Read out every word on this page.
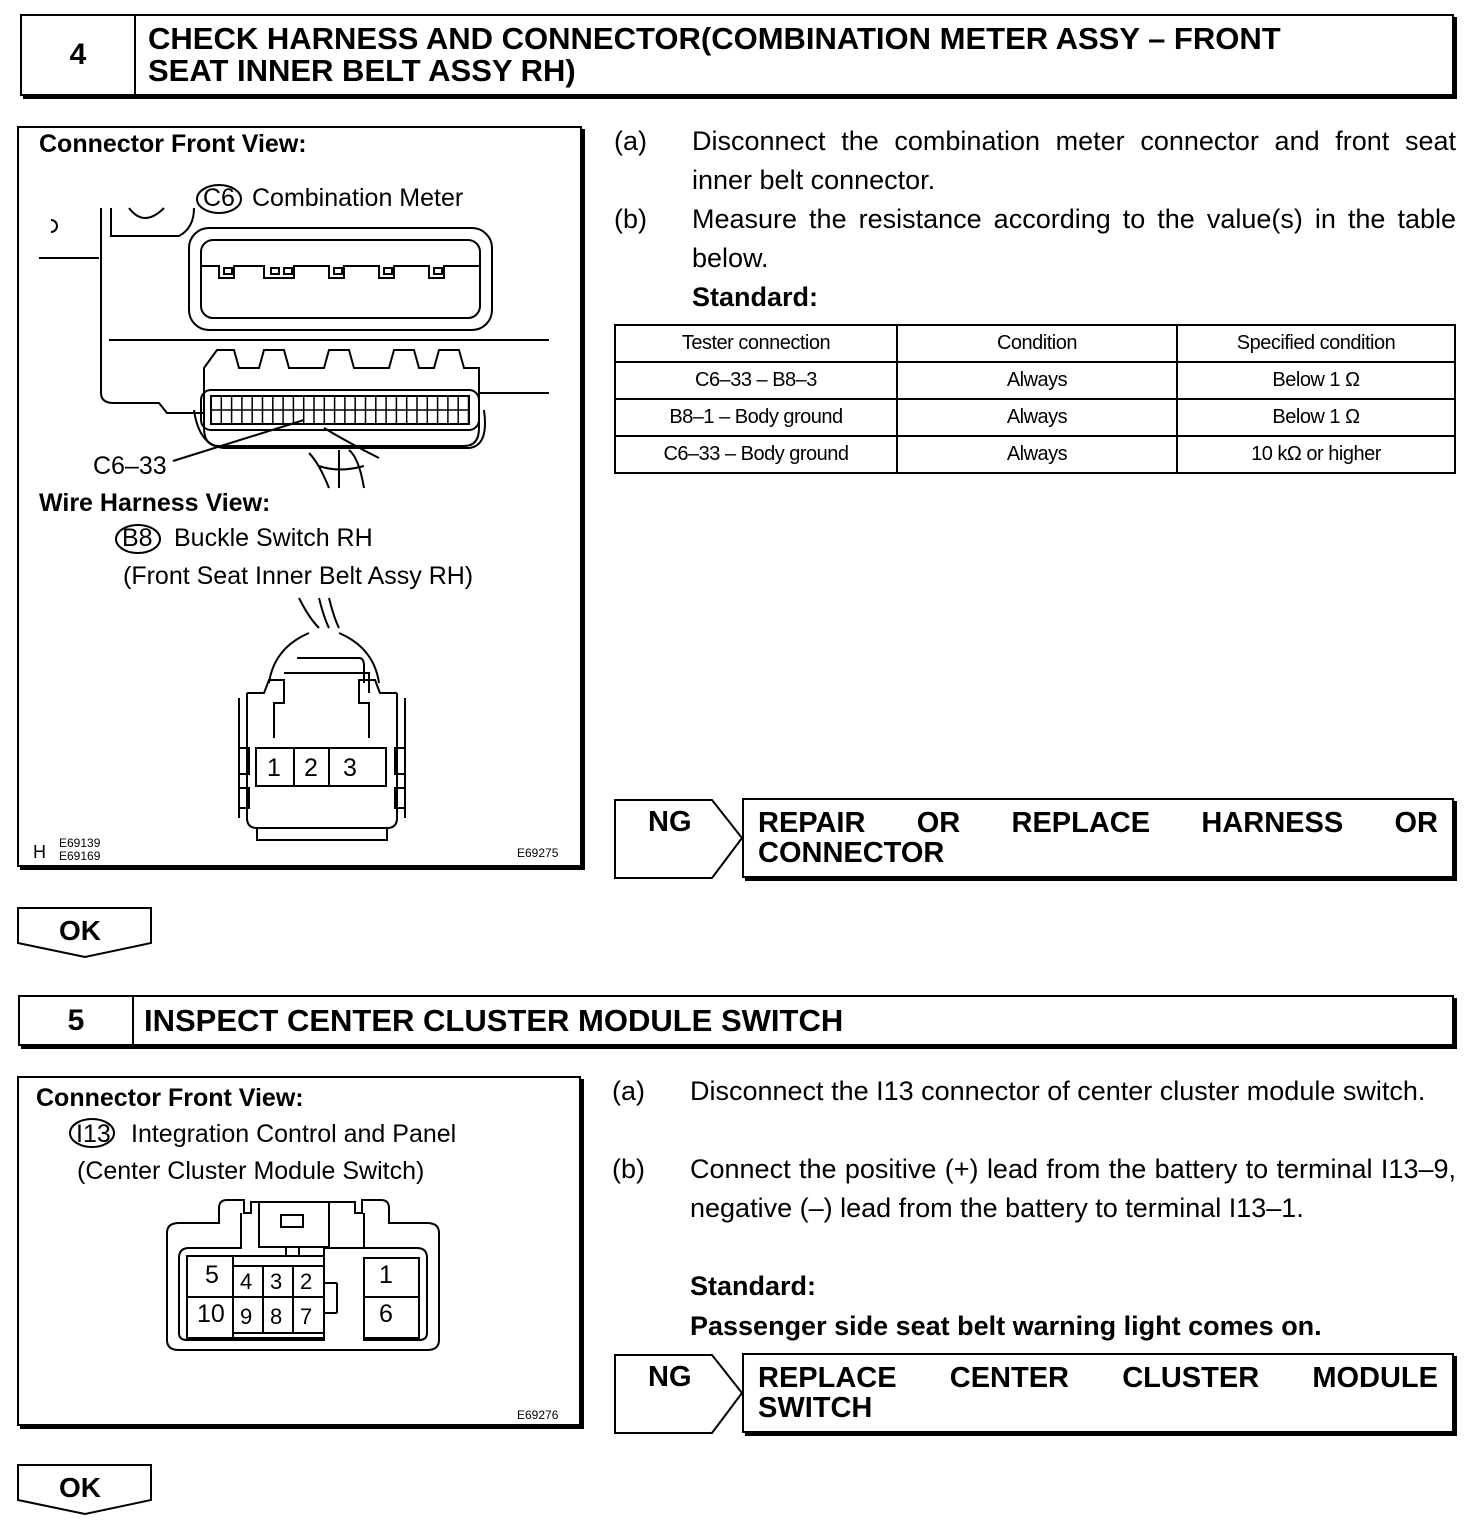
4	CHECK HARNESS AND CONNECTOR(COMBINATION METER ASSY – FRONT
SEAT INNER BELT ASSY RH)
Connector Front View:
C6 Combination Meter
C6–33
Wire Harness View:
B8 Buckle Switch RH
(Front Seat Inner Belt Assy RH)
1 2 3
H E69139
E69169	E69275
(a) Disconnect the combination meter connector and front seat inner belt connector.
(b) Measure the resistance according to the value(s) in the table below.
Standard:
Tester connection	Condition	Specified condition
C6–33 – B8–3	Always	Below 1 Ω
B8–1 – Body ground	Always	Below 1 Ω
C6–33 – Body ground	Always	10 kΩ or higher
NG REPAIR OR REPLACE HARNESS OR
CONNECTOR
OK
5	INSPECT CENTER CLUSTER MODULE SWITCH
Connector Front View:
I13 Integration Control and Panel
(Center Cluster Module Switch)
5 4 3 2	1
10 9 8 7	6
E69276
(a) Disconnect the I13 connector of center cluster module switch.
(b) Connect the positive (+) lead from the battery to terminal I13–9, negative (–) lead from the battery to terminal I13–1.
Standard:
Passenger side seat belt warning light comes on.
NG REPLACE CENTER CLUSTER MODULE
SWITCH
OK
